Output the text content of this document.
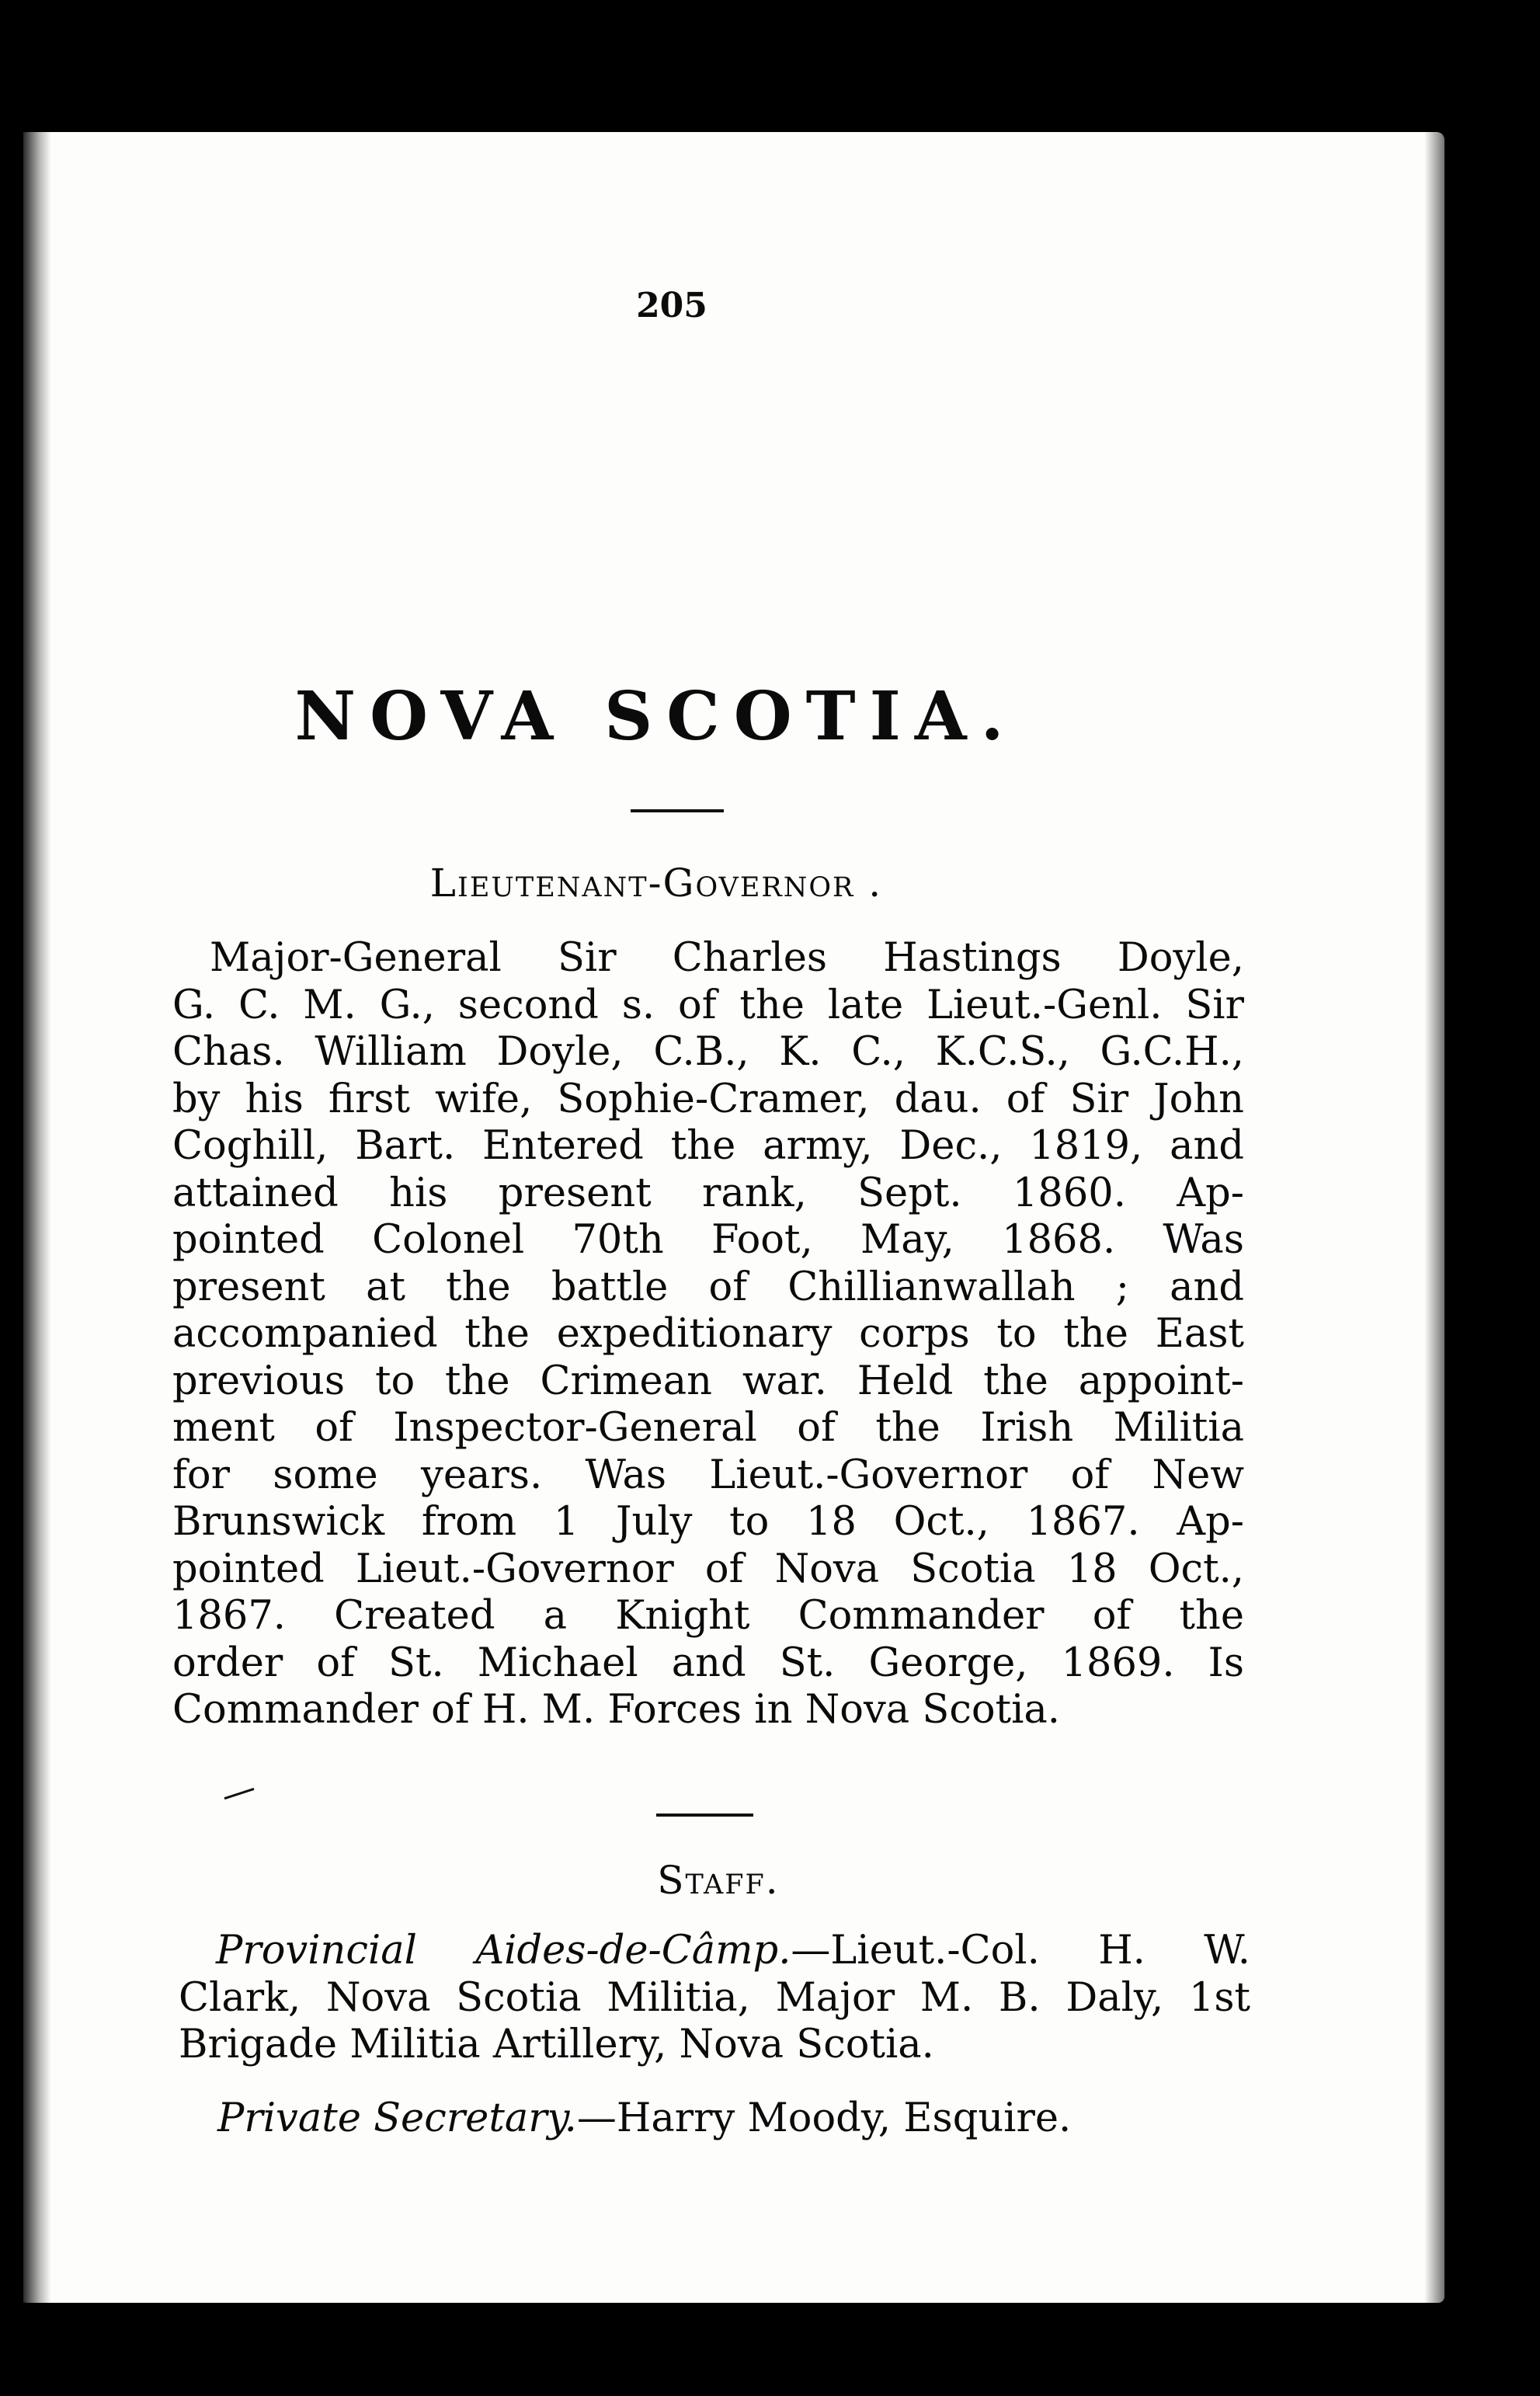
205
NOVA SCOTIA.
Lieutenant-Governor .
Major-General Sir Charles Hastings Doyle,
G. C. M. G., second s. of the late Lieut.-Genl. Sir
Chas. William Doyle, C.B., K. C., K.C.S., G.C.H.,
by his first wife, Sophie-Cramer, dau. of Sir John
Coghill, Bart. Entered the army, Dec., 1819, and
attained his present rank, Sept. 1860. Ap-
pointed Colonel 70th Foot, May, 1868. Was
present at the battle of Chillianwallah ; and
accompanied the expeditionary corps to the East
previous to the Crimean war. Held the appoint-
ment of Inspector-General of the Irish Militia
for some years. Was Lieut.-Governor of New
Brunswick from 1 July to 18 Oct., 1867. Ap-
pointed Lieut.-Governor of Nova Scotia 18 Oct.,
1867. Created a Knight Commander of the
order of St. Michael and St. George, 1869. Is
Commander of H. M. Forces in Nova Scotia.
Staff.
Provincial Aides-de-Câmp.—Lieut.-Col. H. W.
Clark, Nova Scotia Militia, Major M. B. Daly, 1st
Brigade Militia Artillery, Nova Scotia.
Private Secretary.—Harry Moody, Esquire.
